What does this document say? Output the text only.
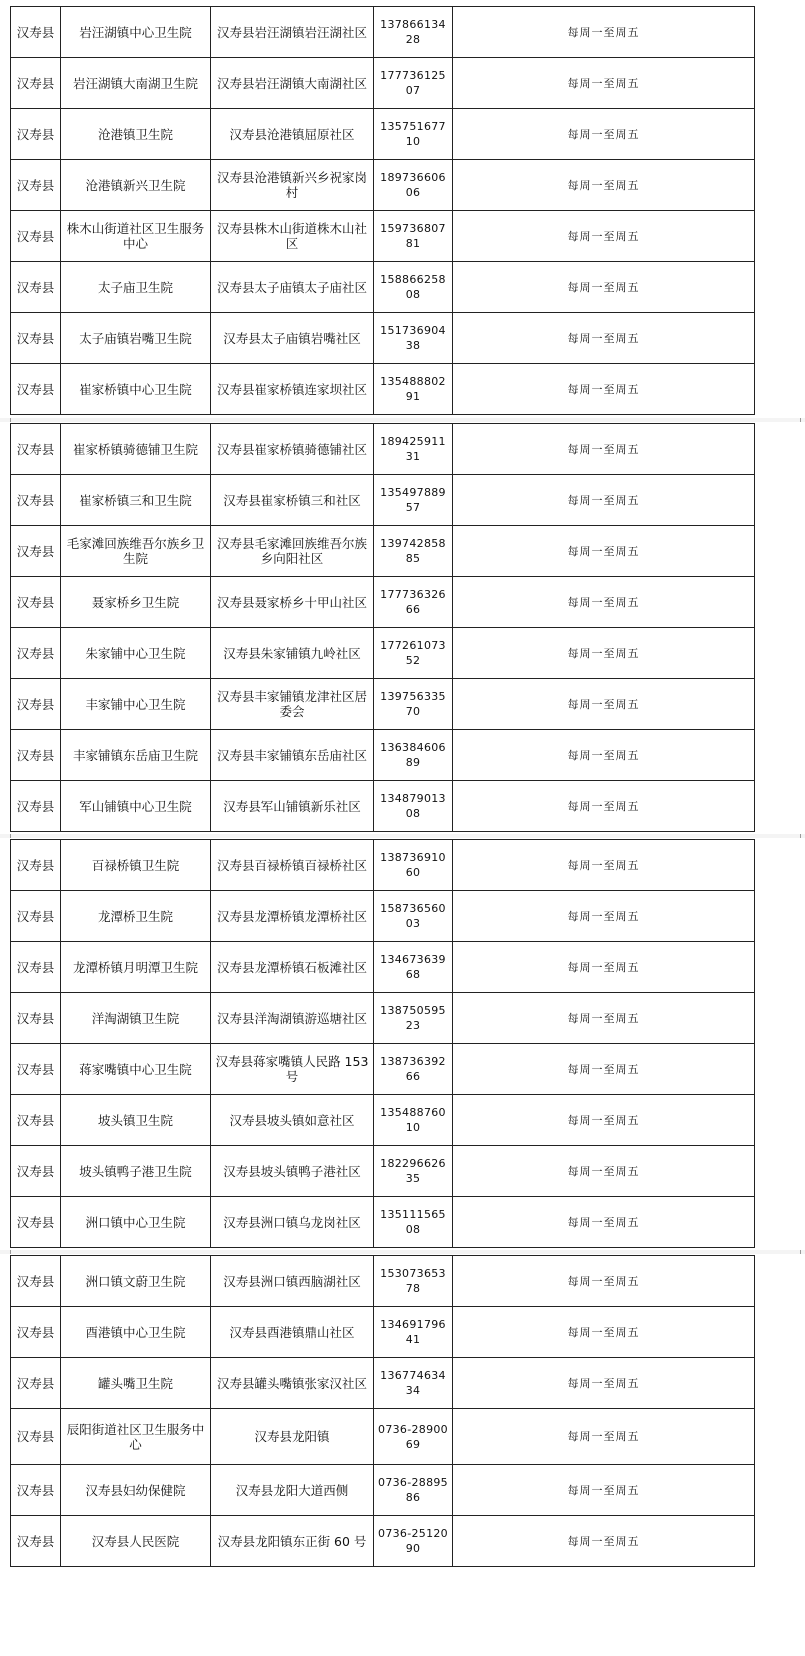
汉寿县	岩汪湖镇中心卫生院	汉寿县岩汪湖镇岩汪湖社区	13786613428	每周一至周五
汉寿县	岩汪湖镇大南湖卫生院	汉寿县岩汪湖镇大南湖社区	17773612507	每周一至周五
汉寿县	沧港镇卫生院	汉寿县沧港镇屈原社区	13575167710	每周一至周五
汉寿县	沧港镇新兴卫生院	汉寿县沧港镇新兴乡祝家岗村	18973660606	每周一至周五
汉寿县	株木山街道社区卫生服务中心	汉寿县株木山街道株木山社区	15973680781	每周一至周五
汉寿县	太子庙卫生院	汉寿县太子庙镇太子庙社区	15886625808	每周一至周五
汉寿县	太子庙镇岩嘴卫生院	汉寿县太子庙镇岩嘴社区	15173690438	每周一至周五
汉寿县	崔家桥镇中心卫生院	汉寿县崔家桥镇连家坝社区	13548880291	每周一至周五
汉寿县	崔家桥镇骑德铺卫生院	汉寿县崔家桥镇骑德铺社区	18942591131	每周一至周五
汉寿县	崔家桥镇三和卫生院	汉寿县崔家桥镇三和社区	13549788957	每周一至周五
汉寿县	毛家滩回族维吾尔族乡卫生院	汉寿县毛家滩回族维吾尔族乡向阳社区	13974285885	每周一至周五
汉寿县	聂家桥乡卫生院	汉寿县聂家桥乡十甲山社区	17773632666	每周一至周五
汉寿县	朱家铺中心卫生院	汉寿县朱家铺镇九岭社区	17726107352	每周一至周五
汉寿县	丰家铺中心卫生院	汉寿县丰家铺镇龙津社区居委会	13975633570	每周一至周五
汉寿县	丰家铺镇东岳庙卫生院	汉寿县丰家铺镇东岳庙社区	13638460689	每周一至周五
汉寿县	军山铺镇中心卫生院	汉寿县军山铺镇新乐社区	13487901308	每周一至周五
汉寿县	百禄桥镇卫生院	汉寿县百禄桥镇百禄桥社区	13873691060	每周一至周五
汉寿县	龙潭桥卫生院	汉寿县龙潭桥镇龙潭桥社区	15873656003	每周一至周五
汉寿县	龙潭桥镇月明潭卫生院	汉寿县龙潭桥镇石板滩社区	13467363968	每周一至周五
汉寿县	洋淘湖镇卫生院	汉寿县洋淘湖镇游巡塘社区	13875059523	每周一至周五
汉寿县	蒋家嘴镇中心卫生院	汉寿县蒋家嘴镇人民路 153 号	13873639266	每周一至周五
汉寿县	坡头镇卫生院	汉寿县坡头镇如意社区	13548876010	每周一至周五
汉寿县	坡头镇鸭子港卫生院	汉寿县坡头镇鸭子港社区	18229662635	每周一至周五
汉寿县	洲口镇中心卫生院	汉寿县洲口镇乌龙岗社区	13511156508	每周一至周五
汉寿县	洲口镇文蔚卫生院	汉寿县洲口镇西脑湖社区	15307365378	每周一至周五
汉寿县	酉港镇中心卫生院	汉寿县酉港镇鼎山社区	13469179641	每周一至周五
汉寿县	罐头嘴卫生院	汉寿县罐头嘴镇张家汉社区	13677463434	每周一至周五
汉寿县	辰阳街道社区卫生服务中心	汉寿县龙阳镇	0736-2890069	每周一至周五
汉寿县	汉寿县妇幼保健院	汉寿县龙阳大道西侧	0736-2889586	每周一至周五
汉寿县	汉寿县人民医院	汉寿县龙阳镇东正街 60 号	0736-2512090	每周一至周五
